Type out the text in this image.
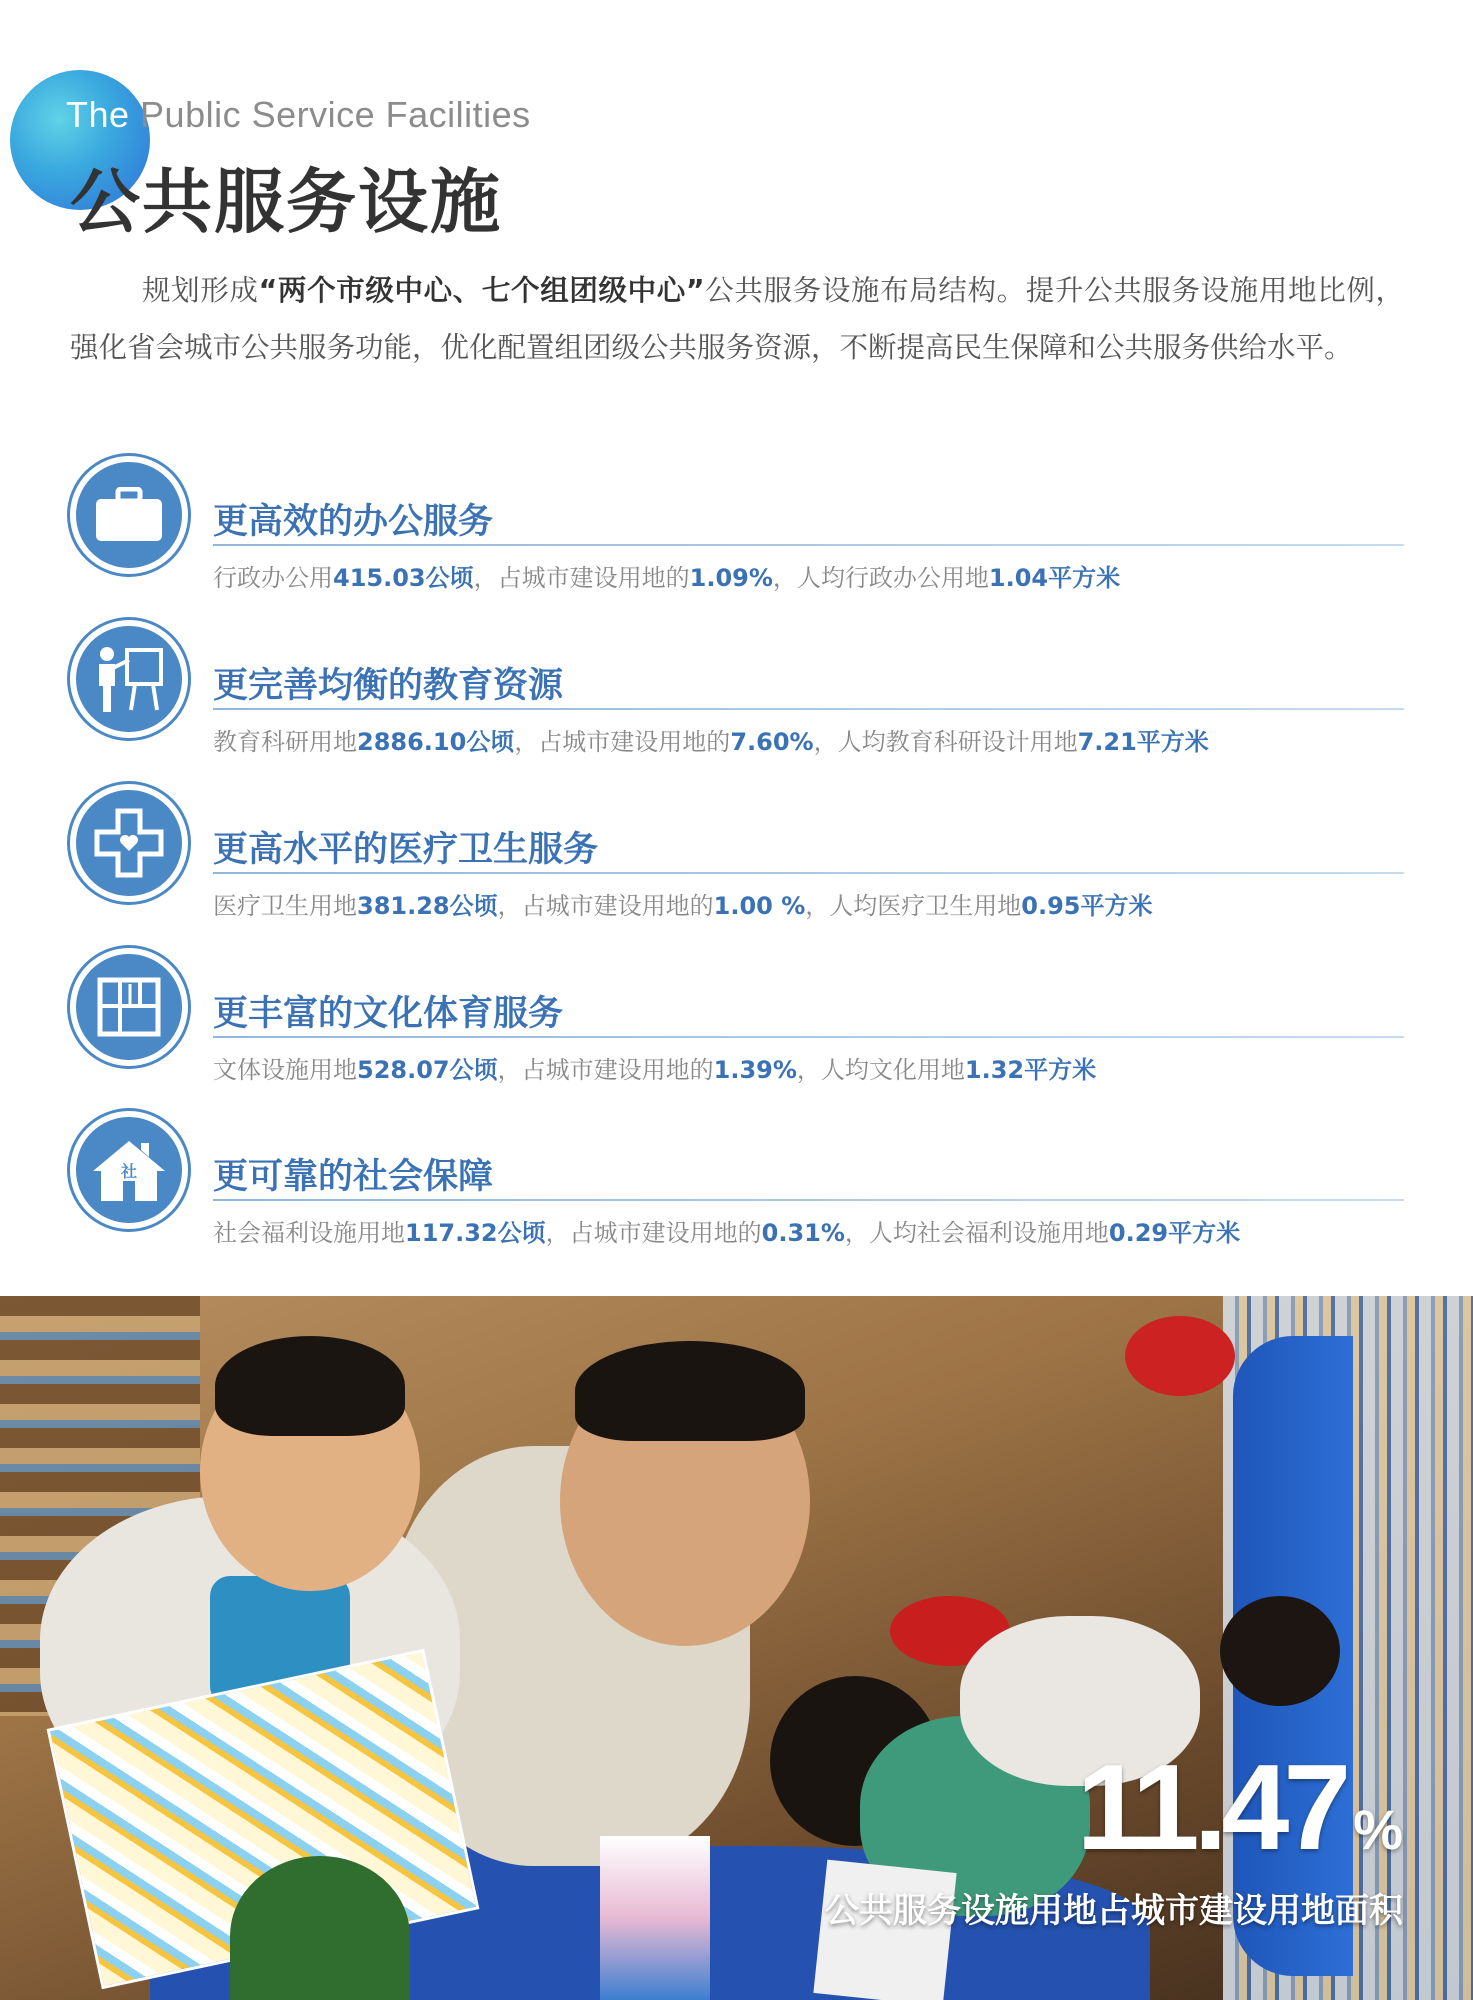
The Public Service Facilities
公共服务设施
规划形成“两个市级中心、七个组团级中心”公共服务设施布局结构。提升公共服务设施用地比例，强化省会城市公共服务功能，优化配置组团级公共服务资源，不断提高民生保障和公共服务供给水平。
更高效的办公服务
行政办公用415.03公顷，占城市建设用地的1.09%，人均行政办公用地1.04平方米
更完善均衡的教育资源
教育科研用地2886.10公顷，占城市建设用地的7.60%，人均教育科研设计用地7.21平方米
更高水平的医疗卫生服务
医疗卫生用地381.28公顷，占城市建设用地的1.00 %，人均医疗卫生用地0.95平方米
更丰富的文化体育服务
文体设施用地528.07公顷，占城市建设用地的1.39%，人均文化用地1.32平方米
社 更可靠的社会保障
社会福利设施用地117.32公顷，占城市建设用地的0.31%，人均社会福利设施用地0.29平方米
11.47 %
公共服务设施用地占城市建设用地面积
